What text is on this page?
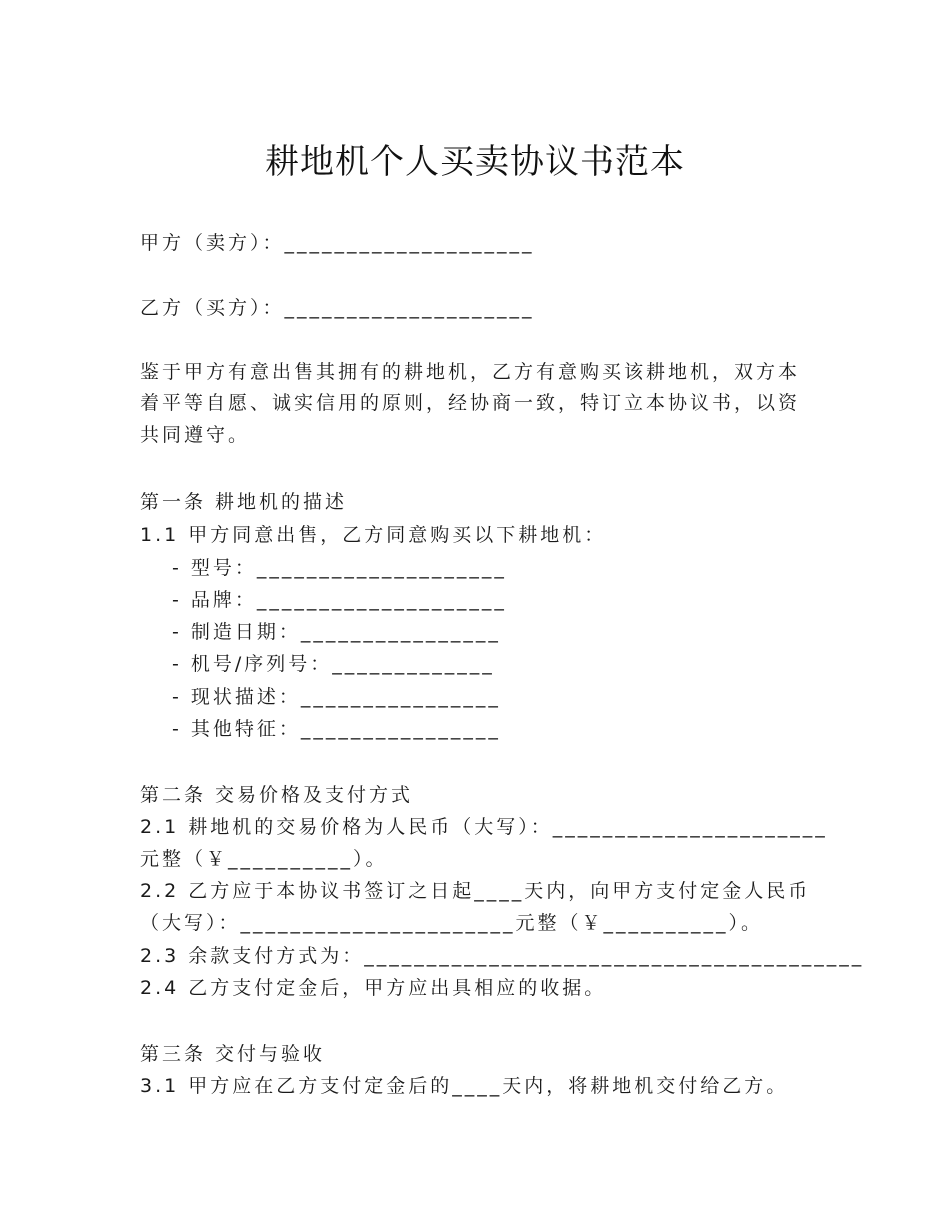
耕地机个人买卖协议书范本
甲方（卖方）：____________________
乙方（买方）：____________________
鉴于甲方有意出售其拥有的耕地机，乙方有意购买该耕地机，双方本
着平等自愿、诚实信用的原则，经协商一致，特订立本协议书，以资
共同遵守。
第一条 耕地机的描述
1.1 甲方同意出售，乙方同意购买以下耕地机：
- 型号：____________________
- 品牌：____________________
- 制造日期：________________
- 机号/序列号：_____________
- 现状描述：________________
- 其他特征：________________
第二条 交易价格及支付方式
2.1 耕地机的交易价格为人民币（大写）：______________________
元整（￥__________）。
2.2 乙方应于本协议书签订之日起____天内，向甲方支付定金人民币
（大写）：______________________元整（￥__________）。
2.3 余款支付方式为：________________________________________
2.4 乙方支付定金后，甲方应出具相应的收据。
第三条 交付与验收
3.1 甲方应在乙方支付定金后的____天内，将耕地机交付给乙方。
